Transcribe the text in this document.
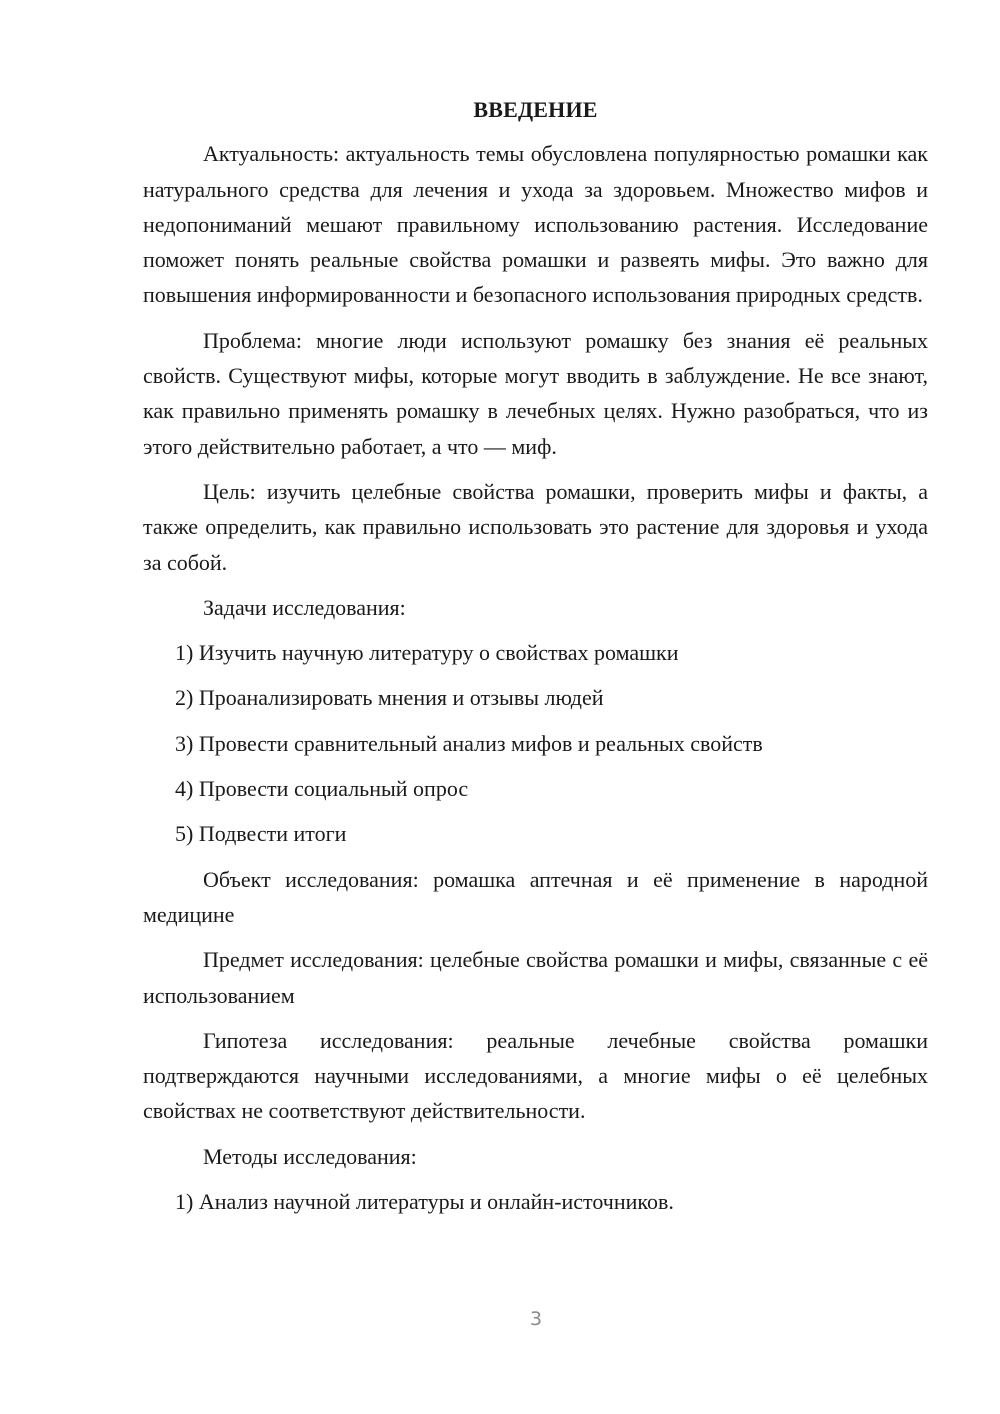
ВВЕДЕНИЕ

Актуальность: актуальность темы обусловлена популярностью ромашки как натурального средства для лечения и ухода за здоровьем. Множество мифов и недопониманий мешают правильному использованию растения. Исследование поможет понять реальные свойства ромашки и развеять мифы. Это важно для повышения информированности и безопасного использования природных средств.

Проблема: многие люди используют ромашку без знания её реальных свойств. Существуют мифы, которые могут вводить в заблуждение. Не все знают, как правильно применять ромашку в лечебных целях. Нужно разобраться, что из этого действительно работает, а что — миф.

Цель: изучить целебные свойства ромашки, проверить мифы и факты, а также определить, как правильно использовать это растение для здоровья и ухода за собой.

Задачи исследования:

1) Изучить научную литературу о свойствах ромашки
2) Проанализировать мнения и отзывы людей
3) Провести сравнительный анализ мифов и реальных свойств
4) Провести социальный опрос
5) Подвести итоги

Объект исследования: ромашка аптечная и её применение в народной медицине

Предмет исследования: целебные свойства ромашки и мифы, связанные с её использованием

Гипотеза исследования: реальные лечебные свойства ромашки подтверждаются научными исследованиями, а многие мифы о её целебных свойствах не соответствуют действительности.

Методы исследования:

1) Анализ научной литературы и онлайн-источников.
3
